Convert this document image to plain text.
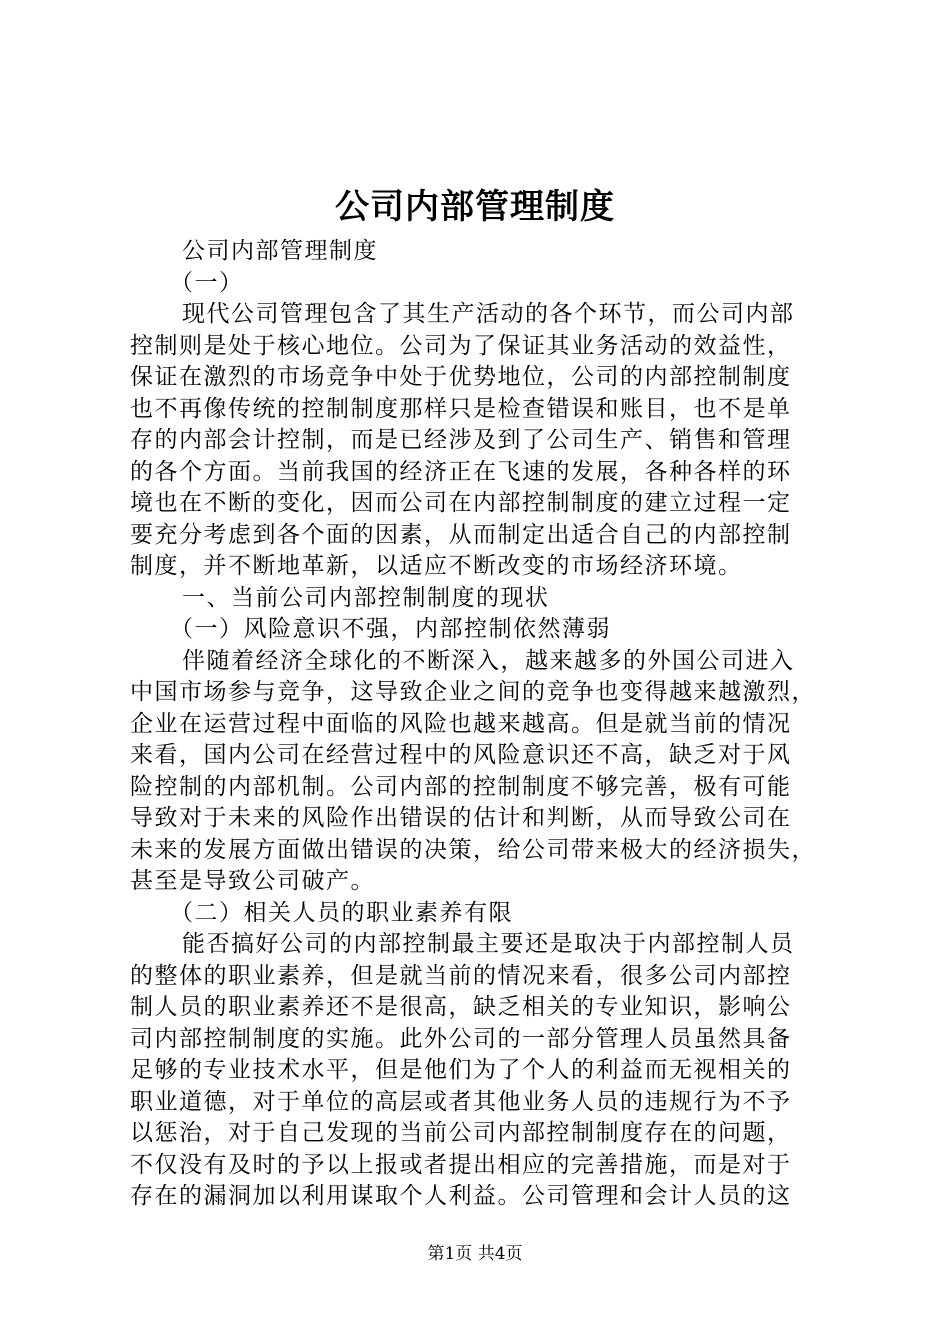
公司内部管理制度
公司内部管理制度
（一）
现代公司管理包含了其生产活动的各个环节，而公司内部
控制则是处于核心地位。公司为了保证其业务活动的效益性，
保证在激烈的市场竞争中处于优势地位，公司的内部控制制度
也不再像传统的控制制度那样只是检查错误和账目，也不是单
存的内部会计控制，而是已经涉及到了公司生产、销售和管理
的各个方面。当前我国的经济正在飞速的发展，各种各样的环
境也在不断的变化，因而公司在内部控制制度的建立过程一定
要充分考虑到各个面的因素，从而制定出适合自己的内部控制
制度，并不断地革新，以适应不断改变的市场经济环境。
一、当前公司内部控制制度的现状
（一）风险意识不强，内部控制依然薄弱
伴随着经济全球化的不断深入，越来越多的外国公司进入
中国市场参与竞争，这导致企业之间的竞争也变得越来越激烈，
企业在运营过程中面临的风险也越来越高。但是就当前的情况
来看，国内公司在经营过程中的风险意识还不高，缺乏对于风
险控制的内部机制。公司内部的控制制度不够完善，极有可能
导致对于未来的风险作出错误的估计和判断，从而导致公司在
未来的发展方面做出错误的决策，给公司带来极大的经济损失，
甚至是导致公司破产。
（二）相关人员的职业素养有限
能否搞好公司的内部控制最主要还是取决于内部控制人员
的整体的职业素养，但是就当前的情况来看，很多公司内部控
制人员的职业素养还不是很高，缺乏相关的专业知识，影响公
司内部控制制度的实施。此外公司的一部分管理人员虽然具备
足够的专业技术水平，但是他们为了个人的利益而无视相关的
职业道德，对于单位的高层或者其他业务人员的违规行为不予
以惩治，对于自己发现的当前公司内部控制制度存在的问题，
不仅没有及时的予以上报或者提出相应的完善措施，而是对于
存在的漏洞加以利用谋取个人利益。公司管理和会计人员的这
第1页 共4页
